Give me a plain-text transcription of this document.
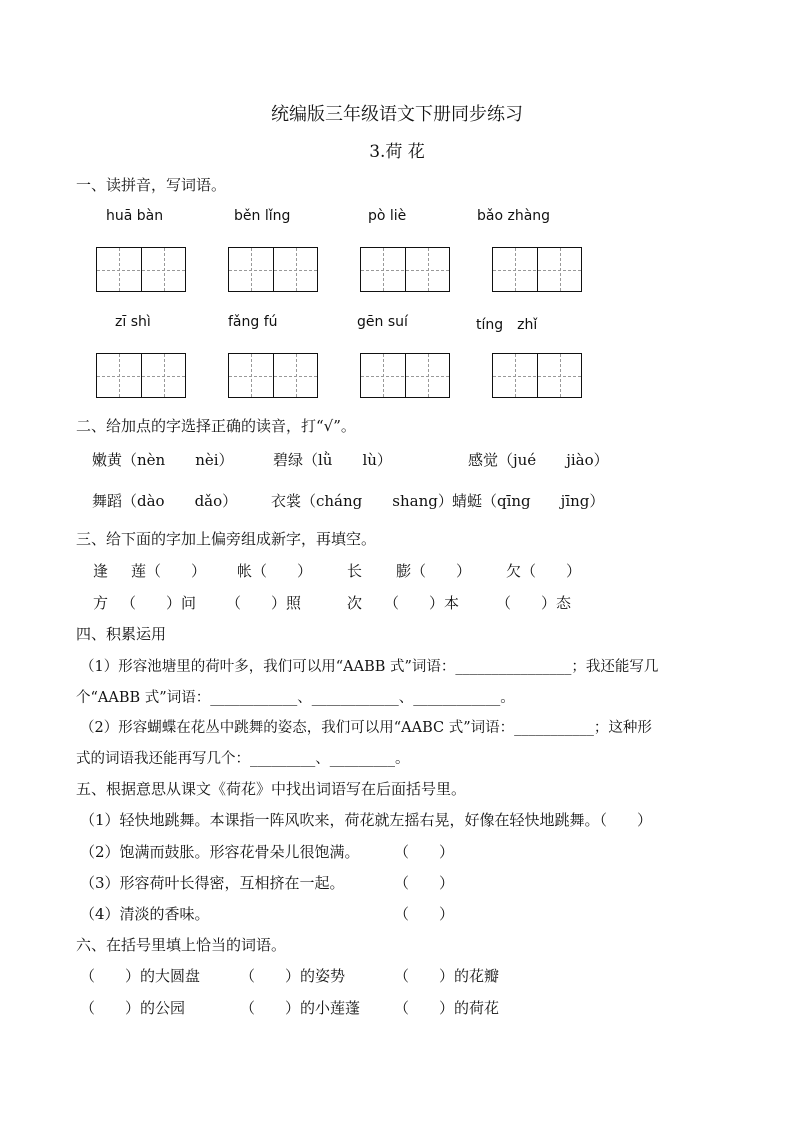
统编版三年级语文下册同步练习
3.荷 花
一、读拼音，写词语。
huā bàn	běn lǐng	pò liè	bǎo zhàng
zī shì	fǎng fú	gēn suí	tíng　zhǐ
二、给加点的字选择正确的读音，打“√”。
嫩黄（nèn　　nèi）	碧绿（lǜ　　lù）	感觉（jué　　jiào）
舞蹈（dào　　dǎo） 衣裳（cháng　　shang） 蜻蜓（qīng　　jīng）
三、给下面的字加上偏旁组成新字，再填空。
逢 莲（　　） 帐（　　） 长 膨（　　） 欠（　　）
方 （　　）问 （　　）照	次 （　　）本 （　　）态
四、积累运用
（1）形容池塘里的荷叶多，我们可以用“AABB 式”词语：________________；我还能写几
个“AABB 式”词语：____________、____________、____________。
（2）形容蝴蝶在花丛中跳舞的姿态，我们可以用“AABC 式”词语：___________；这种形
式的词语我还能再写几个：_________、_________。
五、根据意思从课文《荷花》中找出词语写在后面括号里。
（1）轻快地跳舞。本课指一阵风吹来，荷花就左摇右晃，好像在轻快地跳舞。（　　）
（2）饱满而鼓胀。形容花骨朵儿很饱满。 （　　）
（3）形容荷叶长得密，互相挤在一起。	（　　）
（4）清淡的香味。	（　　）
六、在括号里填上恰当的词语。
（　　）的大圆盘	（　　）的姿势	（　　）的花瓣
（　　）的公园	（　　）的小莲蓬 （　　）的荷花
